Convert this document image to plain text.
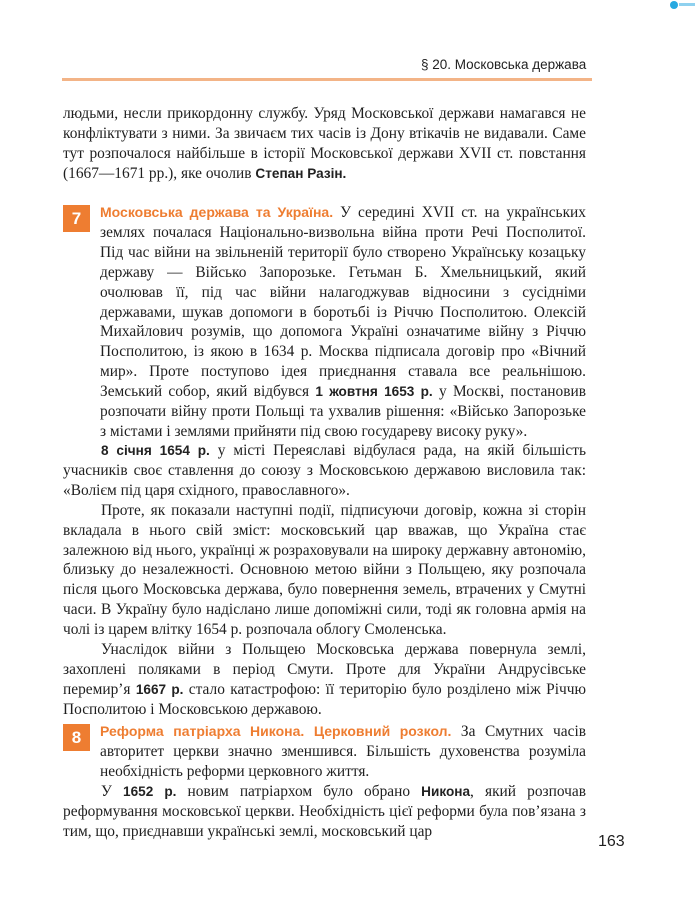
§ 20. Московська держава

людьми, несли прикордонну службу. Уряд Московської держави намагався не конфліктувати з ними. За звичаєм тих часів із Дону втікачів не видавали. Саме тут розпочалося найбільше в історії Московської держави XVII ст. повстання (1667—1671 рр.), яке очолив Степан Разін.

7	Московська держава та Україна. У середині XVII ст. на українських землях почалася Національно-визвольна війна проти Речі Посполитої. Під час війни на звільненій території було створено Українську козацьку державу — Військо Запорозьке. Гетьман Б. Хмельницький, який очолював її, під час війни налагоджував відносини з сусідніми державами, шукав допомоги в боротьбі із Річчю Посполитою. Олексій Михайлович розумів, що допомога Україні означатиме війну з Річчю Посполитою, із якою в 1634 р. Москва підписала договір про «Вічний мир». Проте поступово ідея приєднання ставала все реальнішою. Земський собор, який відбувся 1 жовтня 1653 р. у Москві, постановив розпочати війну проти Польщі та ухвалив рішення: «Військо Запорозьке з містами і землями прийняти під свою государеву високу руку».

8 січня 1654 р. у місті Переяславі відбулася рада, на якій більшість учасників своє ставлення до союзу з Московською державою висловила так: «Волієм під царя східного, православного».

Проте, як показали наступні події, підписуючи договір, кожна зі сторін вкладала в нього свій зміст: московський цар вважав, що Україна стає залежною від нього, українці ж розраховували на широку державну автономію, близьку до незалежності. Основною метою війни з Польщею, яку розпочала після цього Московська держава, було повернення земель, втрачених у Смутні часи. В Україну було надіслано лише допоміжні сили, тоді як головна армія на чолі із царем влітку 1654 р. розпочала облогу Смоленська.

Унаслідок війни з Польщею Московська держава повернула землі, захоплені поляками в період Смути. Проте для України Андрусівське перемир’я 1667 р. стало катастрофою: її територію було розділено між Річчю Посполитою і Московською державою.

8	Реформа патріарха Никона. Церковний розкол. За Смутних часів авторитет церкви значно зменшився. Більшість духовенства розуміла необхідність реформи церковного життя.

У 1652 р. новим патріархом було обрано Никона, який розпочав реформування московської церкви. Необхідність цієї реформи була пов’язана з тим, що, приєднавши українські землі, московський цар

163
